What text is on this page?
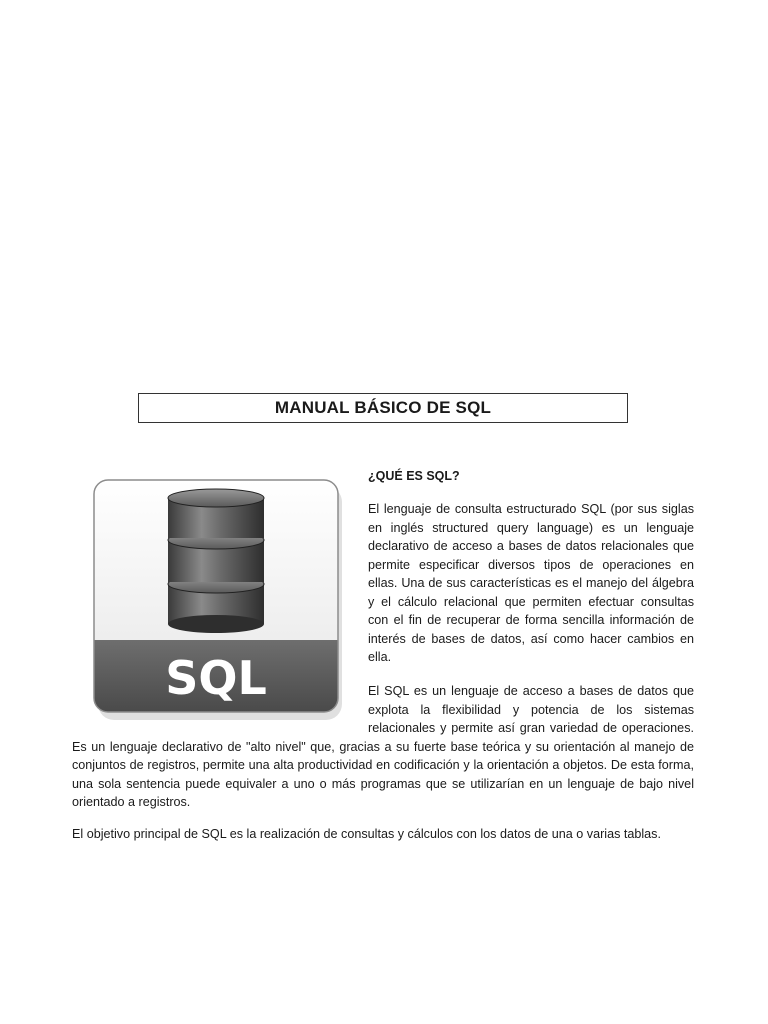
MANUAL BÁSICO DE SQL
SQL
¿QUÉ ES SQL?

El lenguaje de consulta estructurado SQL (por sus siglas en inglés structured query language) es un lenguaje declarativo de acceso a bases de datos relacionales que permite especificar diversos tipos de operaciones en ellas. Una de sus características es el manejo del álgebra y el cálculo relacional que permiten efectuar consultas con el fin de recuperar de forma sencilla información de interés de bases de datos, así como hacer cambios en ella.

El SQL es un lenguaje de acceso a bases de datos que explota la flexibilidad y potencia de los sistemas relacionales y permite así gran variedad de operaciones. Es un lenguaje declarativo de "alto nivel" que, gracias a su fuerte base teórica y su orientación al manejo de conjuntos de registros, permite una alta productividad en codificación y la orientación a objetos. De esta forma, una sola sentencia puede equivaler a uno o más programas que se utilizarían en un lenguaje de bajo nivel orientado a registros.

El objetivo principal de SQL es la realización de consultas y cálculos con los datos de una o varias tablas.
